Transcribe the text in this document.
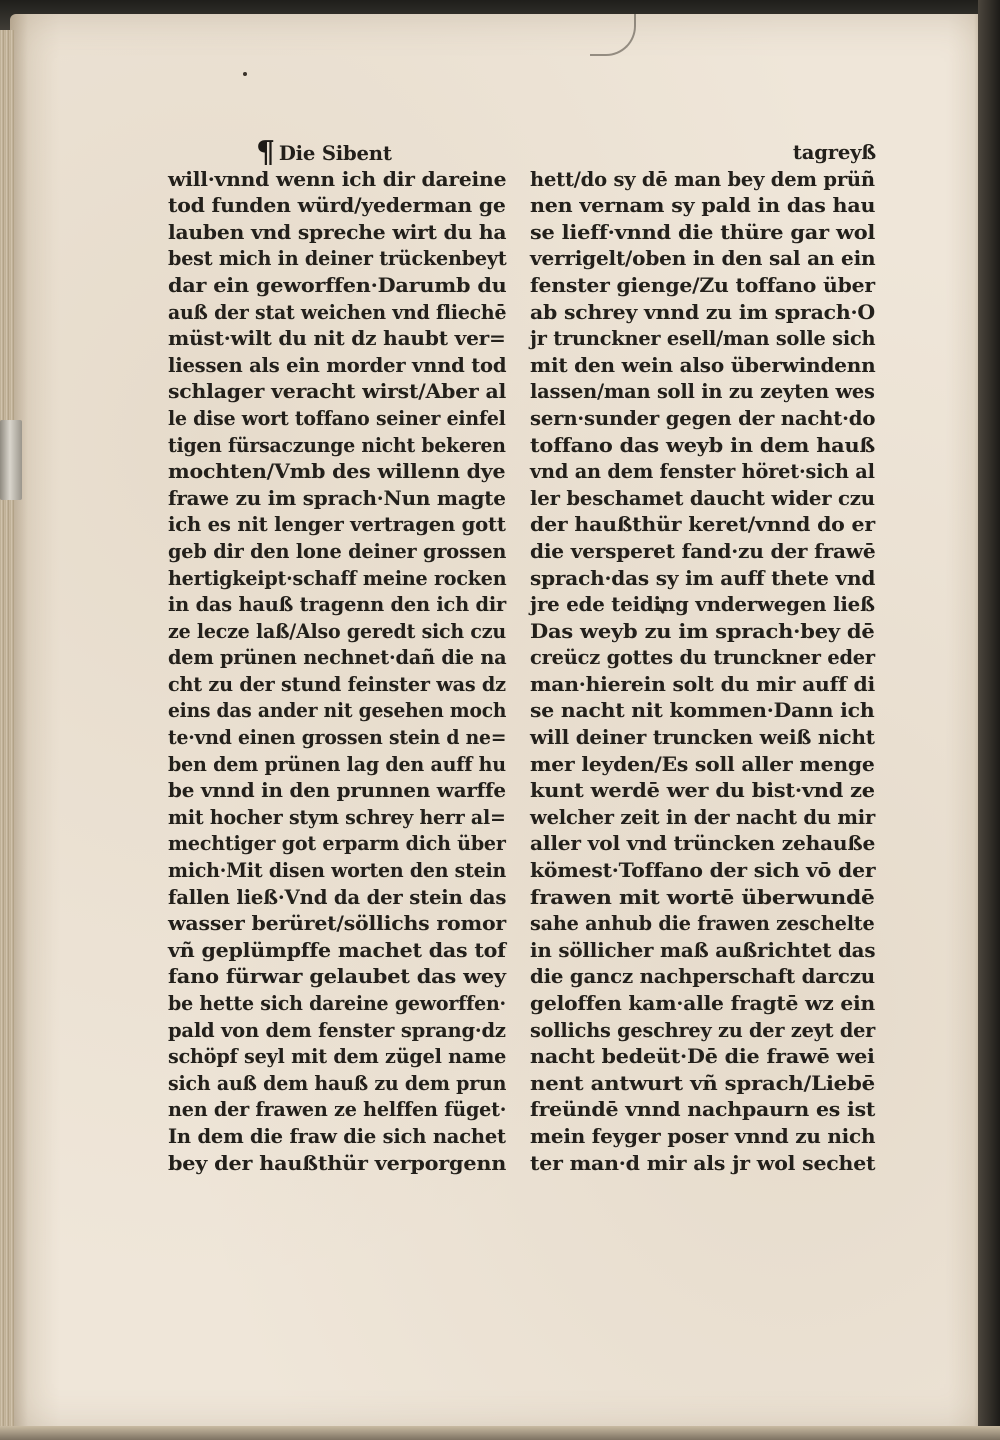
¶ Die Sibent
will·vnnd wenn ich dir dareine
tod funden würd/yederman ge
lauben vnd spreche wirt du ha
best mich in deiner trückenbeyt
dar ein geworffen·Darumb du
auß der stat weichen vnd fliechē
müst·wilt du nit dz haubt ver=
liessen als ein morder vnnd tod
schlager veracht wirst/Aber al
le dise wort toffano seiner einfel
tigen fürsaczunge nicht bekeren
mochten/Vmb des willenn dye
frawe zu im sprach·Nun magte
ich es nit lenger vertragen gott
geb dir den lone deiner grossen
hertigkeipt·schaff meine rocken
in das hauß tragenn den ich dir
ze lecze laß/Also geredt sich czu
dem prünen nechnet·dañ die na
cht zu der stund feinster was dz
eins das ander nit gesehen moch
te·vnd einen grossen stein d ne=
ben dem prünen lag den auff hu
be vnnd in den prunnen warffe
mit hocher stym schrey herr al=
mechtiger got erparm dich über
mich·Mit disen worten den stein
fallen ließ·Vnd da der stein das
wasser berüret/söllichs romor
vñ geplümpffe machet das tof
fano fürwar gelaubet das wey
be hette sich dareine geworffen·
pald von dem fenster sprang·dz
schöpf seyl mit dem zügel name
sich auß dem hauß zu dem prun
nen der frawen ze helffen füget·
In dem die fraw die sich nachet
bey der haußthür verporgenn
tagreyß
hett/do sy dē man bey dem prüñ
nen vernam sy pald in das hau
se lieff·vnnd die thüre gar wol
verrigelt/oben in den sal an ein
fenster gienge/Zu toffano über
ab schrey vnnd zu im sprach·O
jr trunckner esell/man solle sich
mit den wein also überwindenn
lassen/man soll in zu zeyten wes
sern·sunder gegen der nacht·do
toffano das weyb in dem hauß
vnd an dem fenster höret·sich al
ler beschamet daucht wider czu
der haußthür keret/vnnd do er
die versperet fand·zu der frawē
sprach·das sy im auff thete vnd
jre ede teiding vnderwegen ließ
Das weyb zu im sprach·bey dē
creücz gottes du trunckner eder
man·hierein solt du mir auff di
se nacht nit kommen·Dann ich
will deiner truncken weiß nicht
mer leyden/Es soll aller menge
kunt werdē wer du bist·vnd ze
welcher zeit in der nacht du mir
aller vol vnd trüncken zehauße
kömest·Toffano der sich vō der
frawen mit wortē überwundē
sahe anhub die frawen zeschelte
in söllicher maß außrichtet das
die gancz nachperschaft darczu
geloffen kam·alle fragtē wz ein
sollichs geschrey zu der zeyt der
nacht bedeüt·Dē die frawē wei
nent antwurt vñ sprach/Liebē
freündē vnnd nachpaurn es ist
mein feyger poser vnnd zu nich
ter man·d mir als jr wol sechet
